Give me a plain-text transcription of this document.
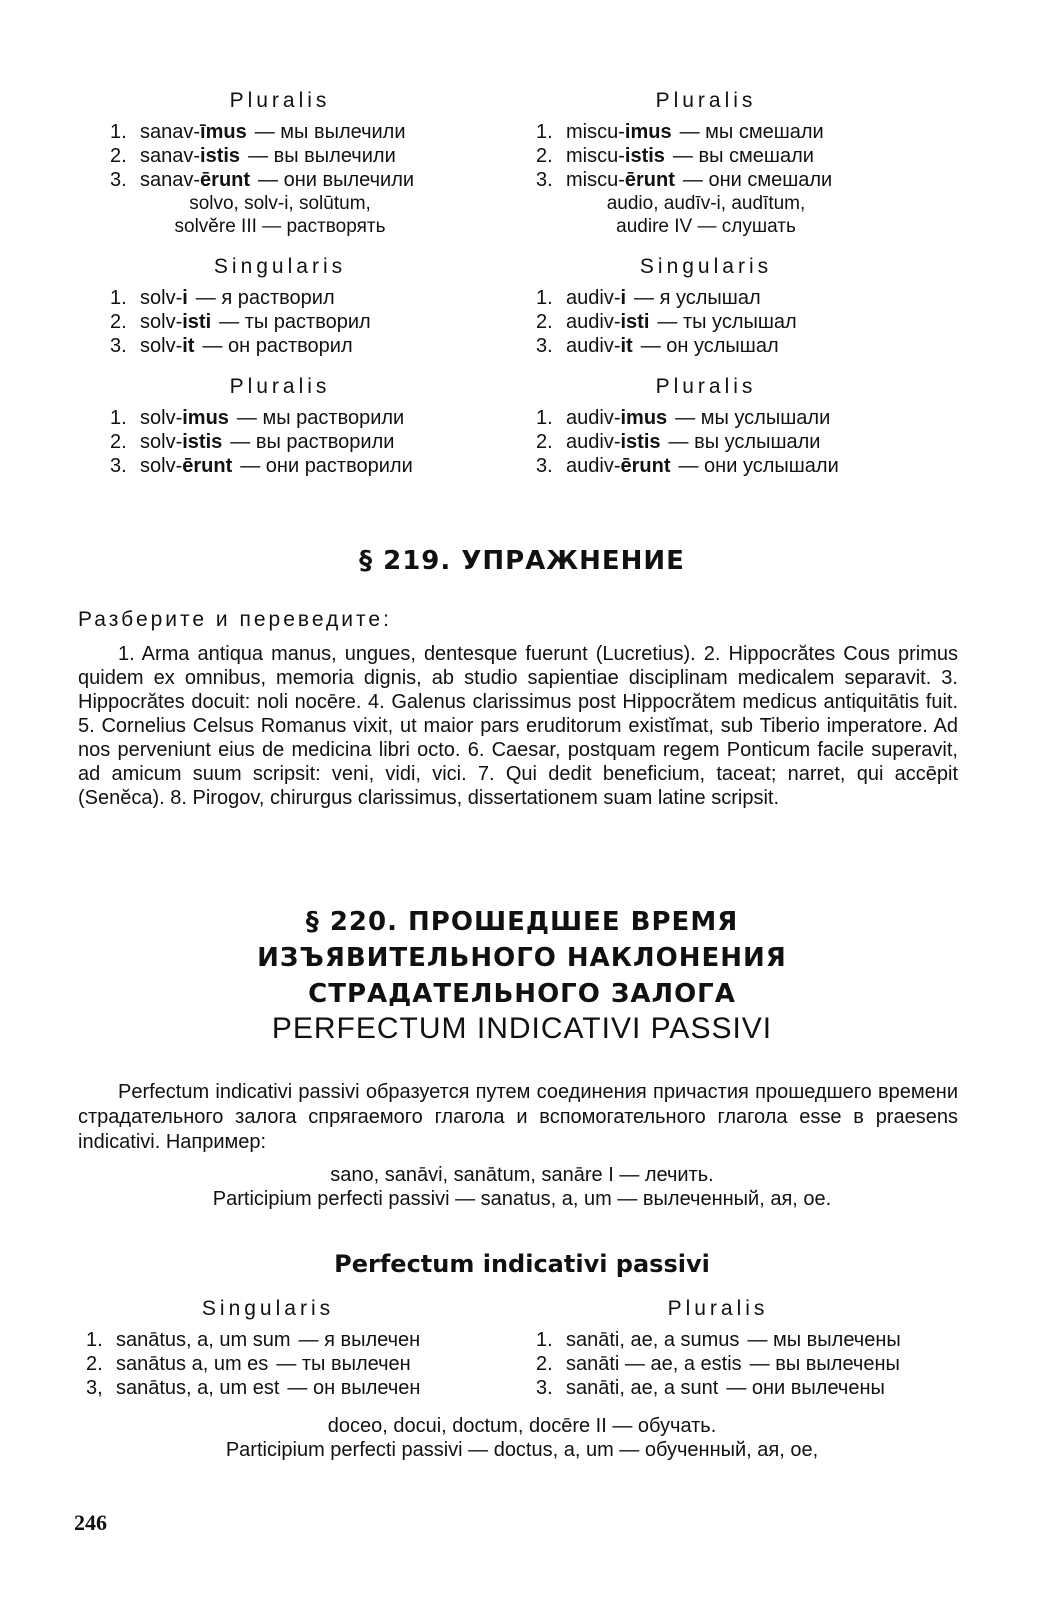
Pluralis
1. sanav-īmus — мы вылечили
2. sanav-istis — вы вылечили
3. sanav-ērunt — они вылечили
solvo, solv-i, solūtum,
solvĕre III — растворять
Singularis
1. solv-i — я растворил
2. solv-isti — ты растворил
3. solv-it — он растворил
Pluralis
1. solv-imus — мы растворили
2. solv-istis — вы растворили
3. solv-ērunt — они растворили
Pluralis
1. miscu-imus — мы смешали
2. miscu-istis — вы смешали
3. miscu-ērunt — они смешали
audio, audīv-i, audītum,
audire IV — слушать
Singularis
1. audiv-i — я услышал
2. audiv-isti — ты услышал
3. audiv-it — он услышал
Pluralis
1. audiv-imus — мы услышали
2. audiv-istis — вы услышали
3. audiv-ērunt — они услышали
§ 219. УПРАЖНЕНИЕ
Разберите и переведите:

1. Arma antiqua manus, ungues, dentesque fuerunt (Lucretius). 2. Hippocrătes Cous primus quidem ex omnibus, memoria dignis, ab studio sapientiae disciplinam medicalem separavit. 3. Hippocrătes docuit: noli nocēre. 4. Galenus clarissimus post Hippocrătem medicus antiquitātis fuit. 5. Cornelius Celsus Romanus vixit, ut maior pars eruditorum existĭmat, sub Tiberio imperatore. Ad nos perveniunt eius de medicina libri octo. 6. Caesar, postquam regem Ponticum facile superavit, ad amicum suum scripsit: veni, vidi, vici. 7. Qui dedit beneficium, taceat; narret, qui accēpit (Senĕca). 8. Pirogov, chirurgus clarissimus, dissertationem suam latine scripsit.

§ 220. ПРОШЕДШЕЕ ВРЕМЯ
ИЗЪЯВИТЕЛЬНОГО НАКЛОНЕНИЯ
СТРАДАТЕЛЬНОГО ЗАЛОГА
PERFECTUM INDICATIVI PASSIVI

Perfectum indicativi passivi образуется путем соединения причастия прошедшего времени страдательного залога спрягаемого глагола и вспомогательного глагола esse в praesens indicativi. Например:

sano, sanāvi, sanātum, sanāre I — лечить.
Participium perfecti passivi — sanatus, a, um — вылеченный, ая, ое.
Perfectum indicativi passivi
Singularis
1. sanātus, a, um sum — я вылечен
2. sanātus a, um es — ты вылечен
3, sanātus, a, um est — он вылечен
Pluralis
1. sanāti, ae, a sumus — мы вылечены
2. sanāti — ae, a estis — вы вылечены
3. sanāti, ae, a sunt — они вылечены
doceo, docui, doctum, docēre II — обучать.
Participium perfecti passivi — doctus, a, um — обученный, ая, ое,
246
